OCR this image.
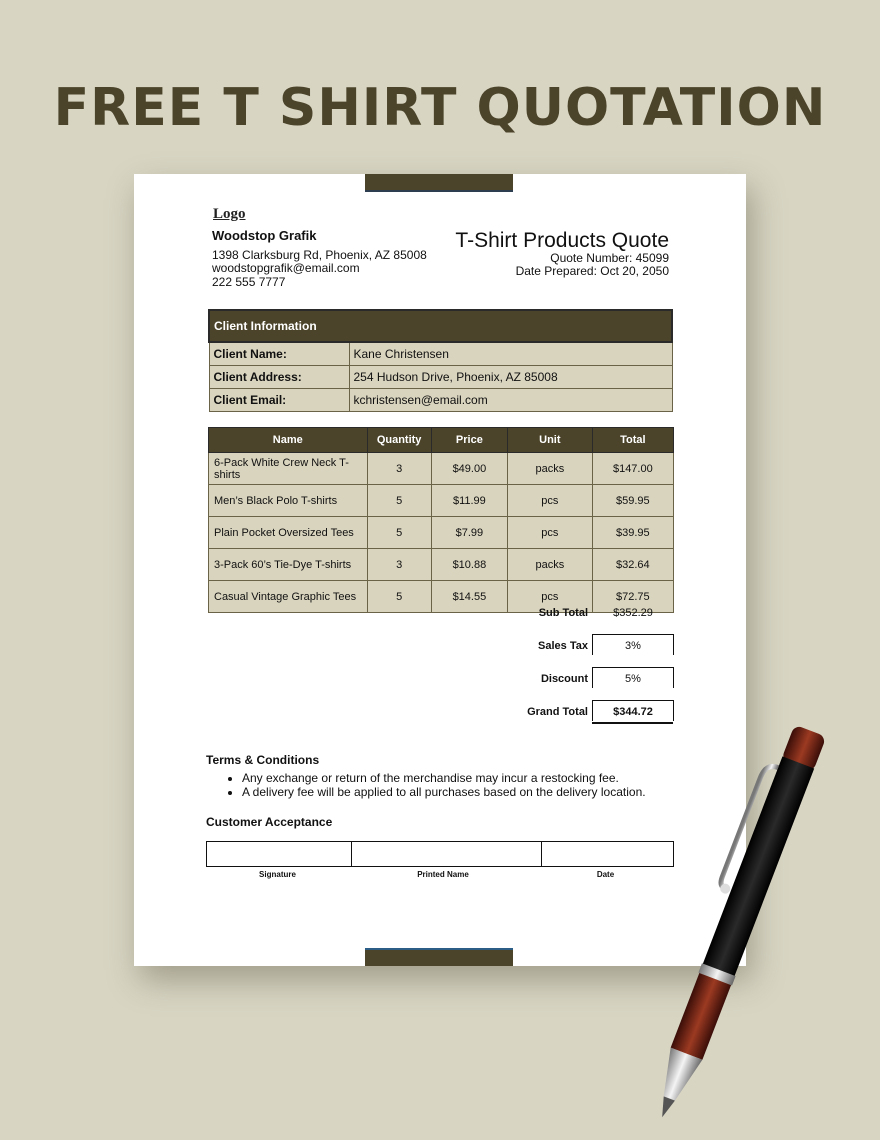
FREE T SHIRT QUOTATION
Logo
Woodstop Grafik
1398 Clarksburg Rd, Phoenix, AZ 85008
woodstopgrafik@email.com
222 555 7777
T-Shirt Products Quote
Quote Number: 45099
Date Prepared: Oct 20, 2050
Client Information	
Client Name:	Kane Christensen
Client Address:	254 Hudson Drive, Phoenix, AZ 85008
Client Email:	kchristensen@email.com
Name	Quantity	Price	Unit	Total
6-Pack White Crew Neck T-shirts	3	$49.00	packs	$147.00
Men’s Black Polo T-shirts	5	$11.99	pcs	$59.95
Plain Pocket Oversized Tees	5	$7.99	pcs	$39.95
3-Pack 60’s Tie-Dye T-shirts	3	$10.88	packs	$32.64
Casual Vintage Graphic Tees	5	$14.55	pcs	$72.75
Sub Total	$352.29
Sales Tax	3%
Discount	5%
Grand Total	$344.72
Terms & Conditions
• Any exchange or return of the merchandise may incur a restocking fee.
• A delivery fee will be applied to all purchases based on the delivery location.
Customer Acceptance

Signature	Printed Name	Date
